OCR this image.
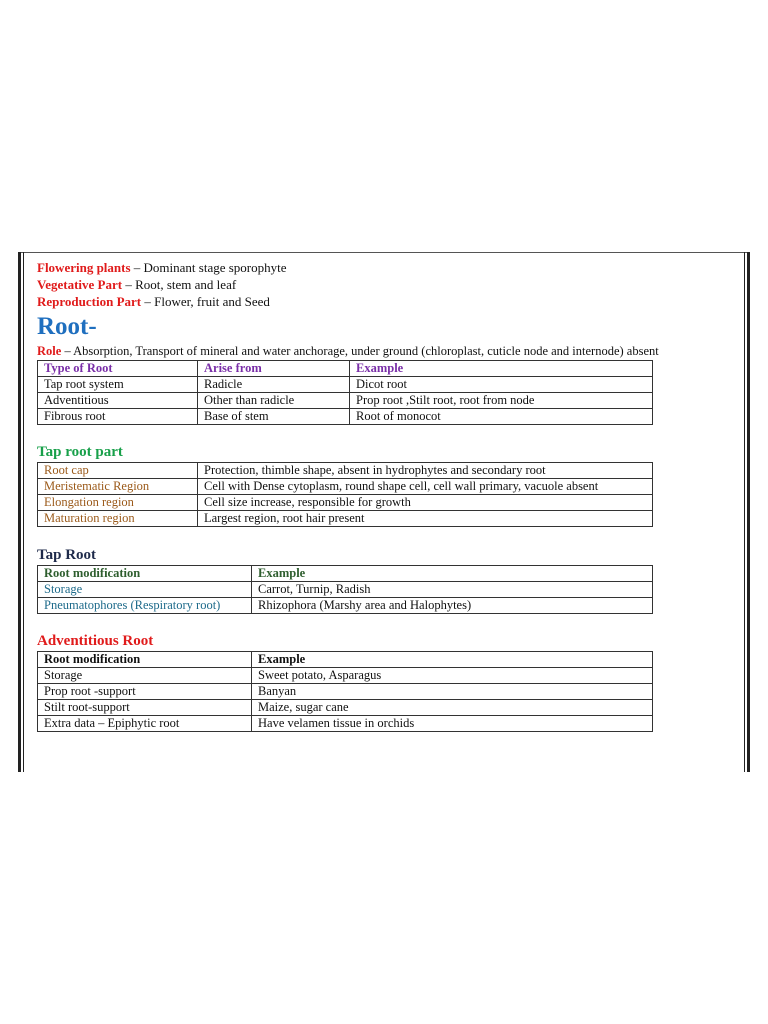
Flowering plants – Dominant stage sporophyte
Vegetative Part – Root, stem and leaf
Reproduction Part – Flower, fruit and Seed
Root-
Role – Absorption, Transport of mineral and water anchorage, under ground (chloroplast, cuticle node and internode) absent
Type of Root	Arise from	Example
Tap root system	Radicle	Dicot root
Adventitious	Other than radicle	Prop root ,Stilt root, root from node
Fibrous root	Base of stem	Root of monocot
Tap root part
Root cap	Protection, thimble shape, absent in hydrophytes and secondary root
Meristematic Region	Cell with Dense cytoplasm, round shape cell, cell wall primary, vacuole absent
Elongation region	Cell size increase, responsible for growth
Maturation region	Largest region, root hair present
Tap Root
Root modification	Example
Storage	Carrot, Turnip, Radish
Pneumatophores (Respiratory root)	Rhizophora (Marshy area and Halophytes)
Adventitious Root
Root modification	Example
Storage	Sweet potato, Asparagus
Prop root -support	Banyan
Stilt root-support	Maize, sugar cane
Extra data – Epiphytic root	Have velamen tissue in orchids
